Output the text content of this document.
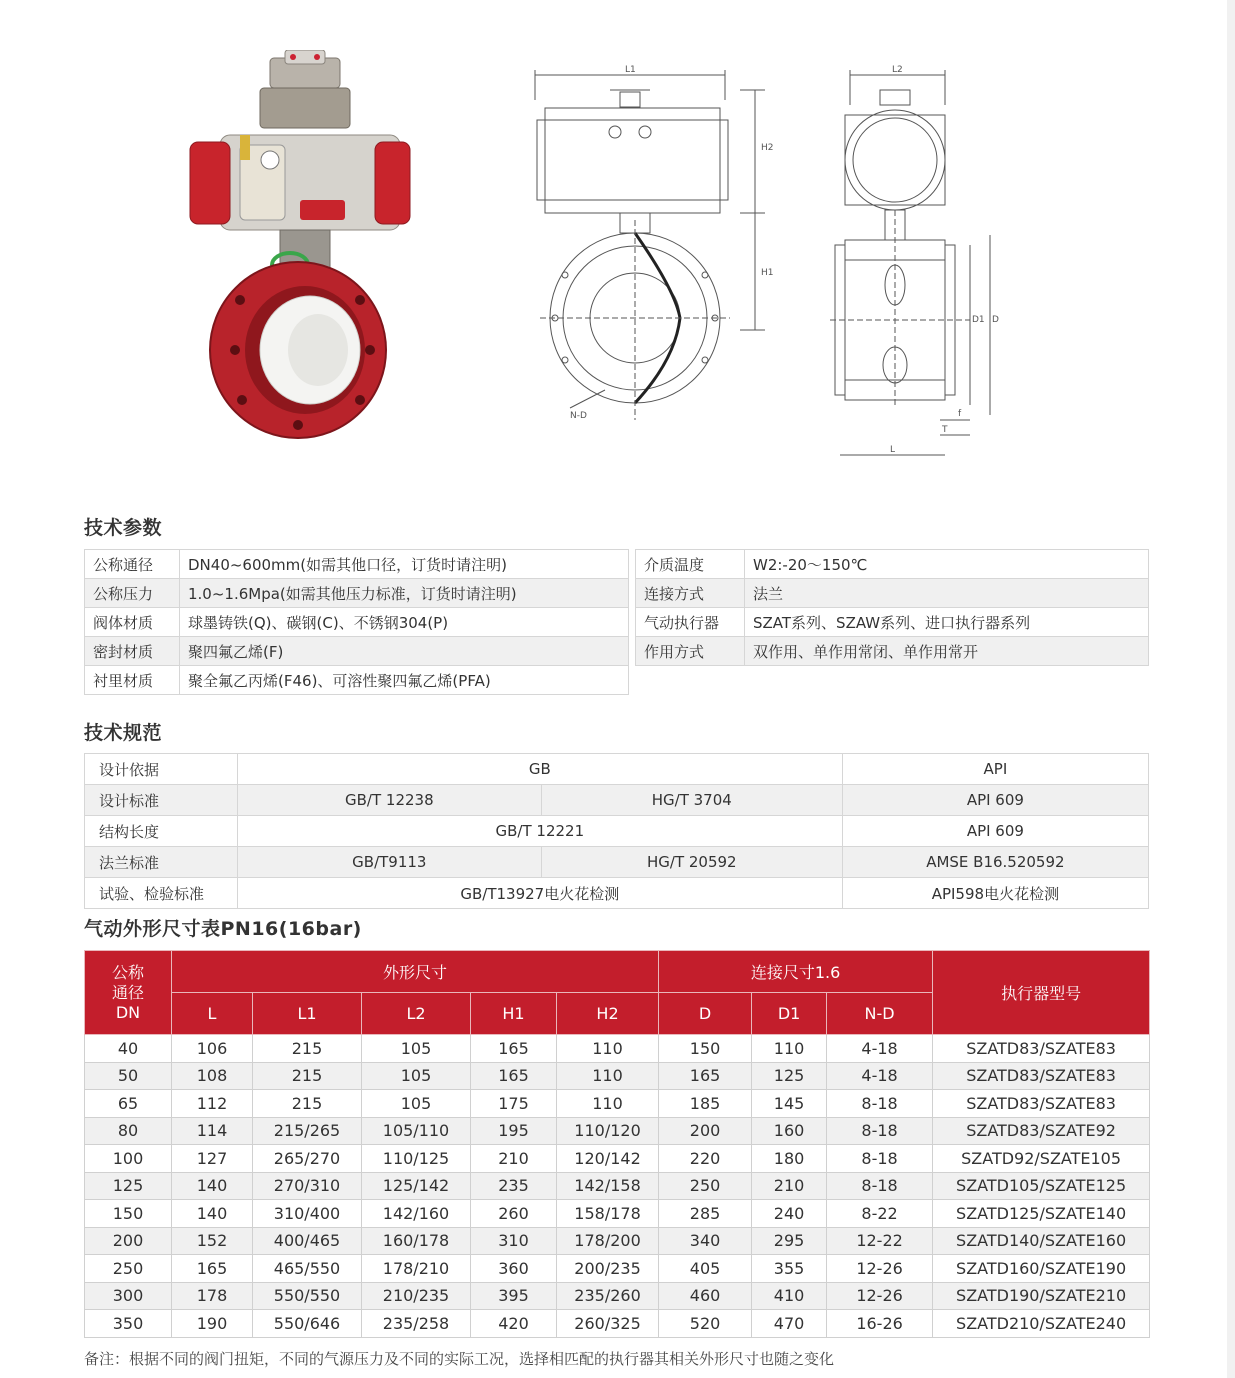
L1
H2
H1
N-D
L2
D1 D
f
T
L
技术参数
公称通径	DN40~600mm(如需其他口径，订货时请注明)
公称压力	1.0~1.6Mpa(如需其他压力标准，订货时请注明)
阀体材质	球墨铸铁(Q)、碳钢(C)、不锈钢304(P)
密封材质	聚四氟乙烯(F)
衬里材质	聚全氟乙丙烯(F46)、可溶性聚四氟乙烯(PFA)
介质温度	W2:-20～150℃
连接方式	法兰
气动执行器	SZAT系列、SZAW系列、进口执行器系列
作用方式	双作用、单作用常闭、单作用常开
技术规范
设计依据	GB		API
设计标准	GB/T 12238	HG/T 3704	API 609
结构长度	GB/T 12221		API 609
法兰标准	GB/T9113	HG/T 20592	AMSE B16.520592
试验、检验标准	GB/T13927电火花检测		API598电火花检测
气动外形尺寸表PN16(16bar)
公称
通径
DN	外形尺寸					连接尺寸1.6			执行器型号
	L	L1	L2	H1	H2	D	D1	N-D	
40	106	215	105	165	110	150	110	4-18	SZATD83/SZATE83
50	108	215	105	165	110	165	125	4-18	SZATD83/SZATE83
65	112	215	105	175	110	185	145	8-18	SZATD83/SZATE83
80	114	215/265	105/110	195	110/120	200	160	8-18	SZATD83/SZATE92
100	127	265/270	110/125	210	120/142	220	180	8-18	SZATD92/SZATE105
125	140	270/310	125/142	235	142/158	250	210	8-18	SZATD105/SZATE125
150	140	310/400	142/160	260	158/178	285	240	8-22	SZATD125/SZATE140
200	152	400/465	160/178	310	178/200	340	295	12-22	SZATD140/SZATE160
250	165	465/550	178/210	360	200/235	405	355	12-26	SZATD160/SZATE190
300	178	550/550	210/235	395	235/260	460	410	12-26	SZATD190/SZATE210
350	190	550/646	235/258	420	260/325	520	470	16-26	SZATD210/SZATE240
备注：根据不同的阀门扭矩，不同的气源压力及不同的实际工况，选择相匹配的执行器其相关外形尺寸也随之变化
